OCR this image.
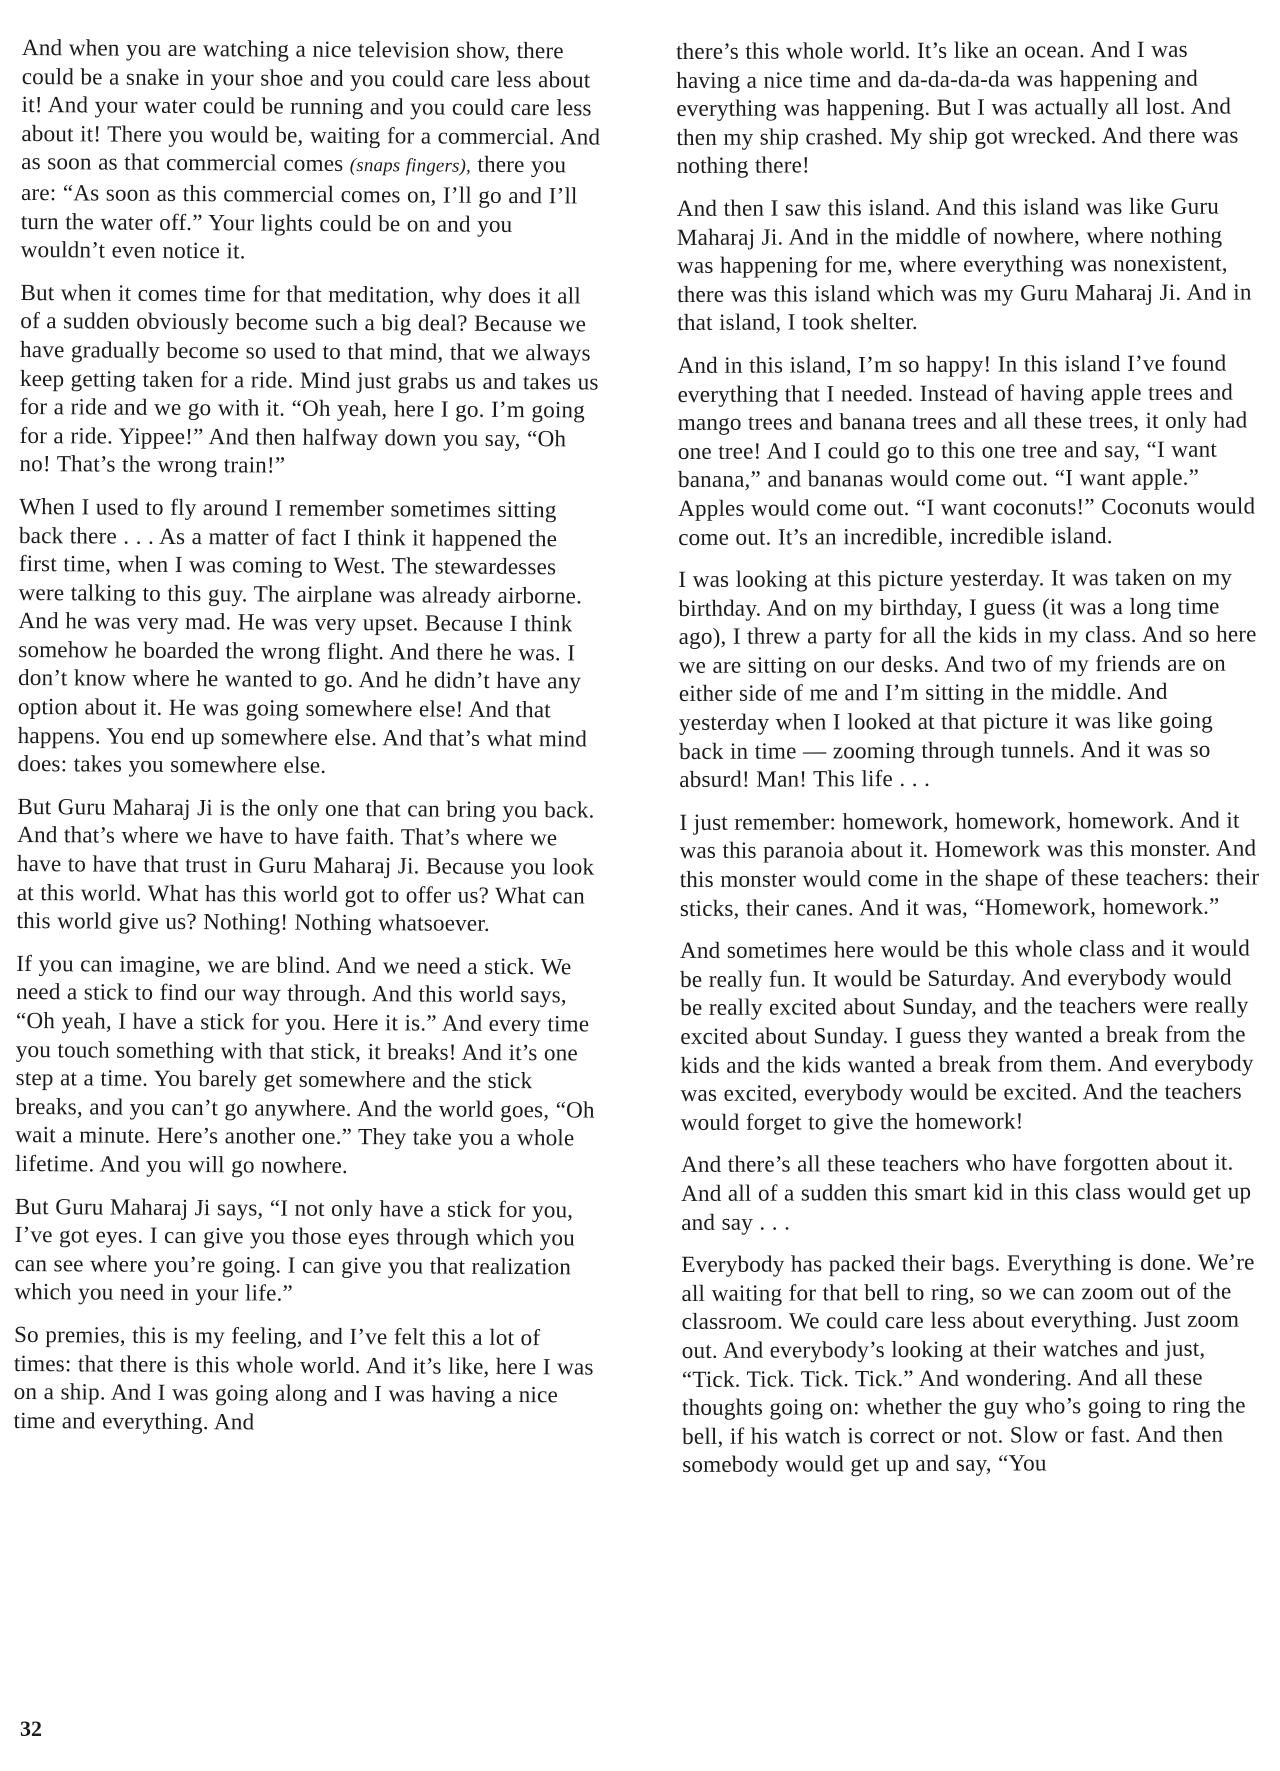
And when you are watching a nice television show, there could be a snake in your shoe and you could care less about it! And your water could be running and you could care less about it! There you would be, waiting for a commercial. And as soon as that commercial comes (snaps fingers), there you are: “As soon as this commercial comes on, I’ll go and I’ll turn the water off.” Your lights could be on and you wouldn’t even notice it.

But when it comes time for that meditation, why does it all of a sudden obviously become such a big deal? Because we have gradually become so used to that mind, that we always keep getting taken for a ride. Mind just grabs us and takes us for a ride and we go with it. “Oh yeah, here I go. I’m going for a ride. Yippee!” And then halfway down you say, “Oh no! That’s the wrong train!”

When I used to fly around I remember sometimes sitting back there . . . As a matter of fact I think it happened the first time, when I was coming to West. The stewardesses were talking to this guy. The airplane was already airborne. And he was very mad. He was very upset. Because I think somehow he boarded the wrong flight. And there he was. I don’t know where he wanted to go. And he didn’t have any option about it. He was going somewhere else! And that happens. You end up somewhere else. And that’s what mind does: takes you somewhere else.

But Guru Maharaj Ji is the only one that can bring you back. And that’s where we have to have faith. That’s where we have to have that trust in Guru Maharaj Ji. Because you look at this world. What has this world got to offer us? What can this world give us? Nothing! Nothing whatsoever.

If you can imagine, we are blind. And we need a stick. We need a stick to find our way through. And this world says, “Oh yeah, I have a stick for you. Here it is.” And every time you touch something with that stick, it breaks! And it’s one step at a time. You barely get somewhere and the stick breaks, and you can’t go anywhere. And the world goes, “Oh wait a minute. Here’s another one.” They take you a whole lifetime. And you will go nowhere.

But Guru Maharaj Ji says, “I not only have a stick for you, I’ve got eyes. I can give you those eyes through which you can see where you’re going. I can give you that realization which you need in your life.”

So premies, this is my feeling, and I’ve felt this a lot of times: that there is this whole world. And it’s like, here I was on a ship. And I was going along and I was having a nice time and everything. And

there’s this whole world. It’s like an ocean. And I was having a nice time and da-da-da-da was happening and everything was happening. But I was actually all lost. And then my ship crashed. My ship got wrecked. And there was nothing there!

And then I saw this island. And this island was like Guru Maharaj Ji. And in the middle of nowhere, where nothing was happening for me, where everything was nonexistent, there was this island which was my Guru Maharaj Ji. And in that island, I took shelter.

And in this island, I’m so happy! In this island I’ve found everything that I needed. Instead of having apple trees and mango trees and banana trees and all these trees, it only had one tree! And I could go to this one tree and say, “I want banana,” and bananas would come out. “I want apple.” Apples would come out. “I want coconuts!” Coconuts would come out. It’s an incredible, incredible island.

I was looking at this picture yesterday. It was taken on my birthday. And on my birthday, I guess (it was a long time ago), I threw a party for all the kids in my class. And so here we are sitting on our desks. And two of my friends are on either side of me and I’m sitting in the middle. And yesterday when I looked at that picture it was like going back in time — zooming through tunnels. And it was so absurd! Man! This life . . .

I just remember: homework, homework, homework. And it was this paranoia about it. Homework was this monster. And this monster would come in the shape of these teachers: their sticks, their canes. And it was, “Homework, homework.”

And sometimes here would be this whole class and it would be really fun. It would be Saturday. And everybody would be really excited about Sunday, and the teachers were really excited about Sunday. I guess they wanted a break from the kids and the kids wanted a break from them. And everybody was excited, everybody would be excited. And the teachers would forget to give the homework!

And there’s all these teachers who have forgotten about it. And all of a sudden this smart kid in this class would get up and say . . .

Everybody has packed their bags. Everything is done. We’re all waiting for that bell to ring, so we can zoom out of the classroom. We could care less about everything. Just zoom out. And everybody’s looking at their watches and just, “Tick. Tick. Tick. Tick.” And wondering. And all these thoughts going on: whether the guy who’s going to ring the bell, if his watch is correct or not. Slow or fast. And then somebody would get up and say, “You

32
